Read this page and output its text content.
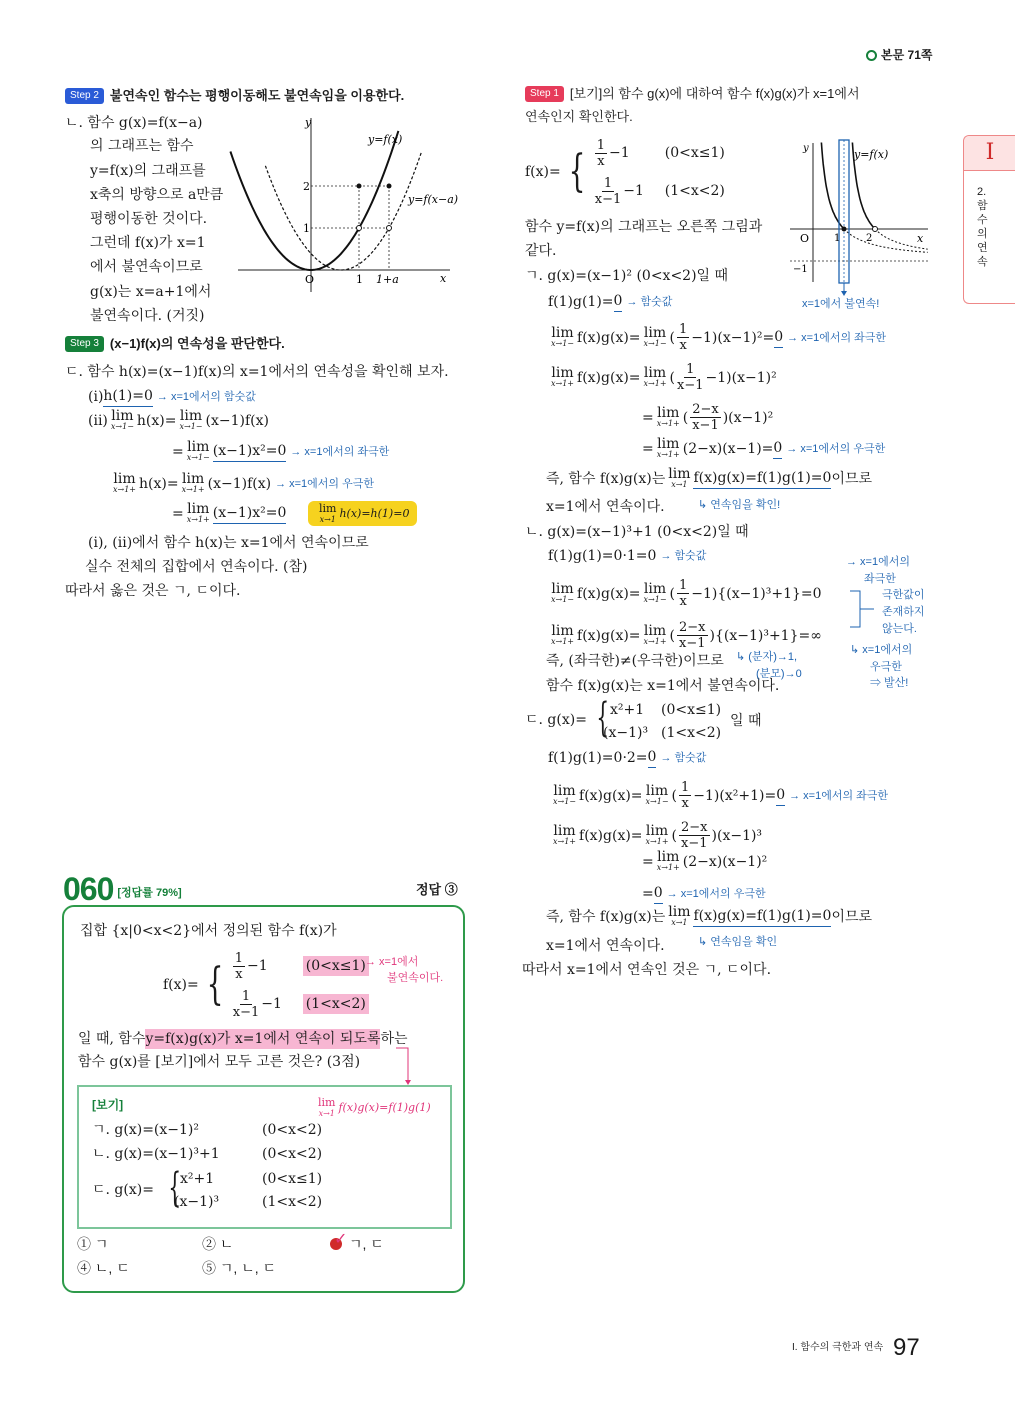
본문 71쪽
I
2. 함수의 연속
Step 2 불연속인 함수는 평행이동해도 불연속임을 이용한다.
ㄴ. 함수 g(x)=f(x−a)
의 그래프는 함수
y=f(x)의 그래프를
x축의 방향으로 a만큼
평행이동한 것이다.
그런데 f(x)가 x=1
에서 불연속이므로
g(x)는 x=a+1에서
불연속이다. (거짓)
y
x
O	1 1+a
1
2
y=f(x)
y=f(x−a)
Step 3 (x−1)f(x)의 연속성을 판단한다.
ㄷ. 함수 h(x)=(x−1)f(x)의 x=1에서의 연속성을 확인해 보자.
(i) h(1)=0 → x=1에서의 함숫값
(ii) lim
x→1− h(x)= lim
x→1− (x−1)f(x)
= lim
x→1− (x−1)x²=0 → x=1에서의 좌극한
lim
x→1+ h(x)= lim
x→1+ (x−1)f(x) → x=1에서의 우극한
= lim
x→1+ (x−1)x²=0	lim
x→1 h(x)=h(1)=0
(i), (ii)에서 함수 h(x)는 x=1에서 연속이므로
실수 전체의 집합에서 연속이다. (참)
따라서 옳은 것은 ㄱ, ㄷ이다.
060 [정답률 79%]	정답 ③
집합 {x|0<x<2}에서 정의된 함수 f(x)가
f(x)= { $\frac{1}{x} -1$	(0<x≤1)
$\frac{1}{x-1} -1$ (1<x<2)
→ x=1에서
불연속이다.
일 때, 함수 y=f(x)g(x)가 x=1에서 연속이 되도록 하는
함수 g(x)를 [보기]에서 모두 고른 것은? (3점)
[보기]	lim
x→1 f(x)g(x)=f(1)g(1)
ㄱ. g(x)=(x−1)²	(0<x<2)
ㄴ. g(x)=(x−1)³+1	(0<x<2)
ㄷ. g(x)= {
x²+1	(0<x≤1)
(x−1)³	(1<x<2)
① ㄱ	② ㄴ	✓ ㄱ, ㄷ
④ ㄴ, ㄷ	⑤ ㄱ, ㄴ, ㄷ
Step 1 [보기]의 함수 g(x)에 대하여 함수 f(x)g(x)가 x=1에서
연속인지 확인한다.
f(x)= { $\frac{1}{x} -1$	(0<x≤1)
$\frac{1}{x-1} -1$ (1<x<2)
y
x
O 1	2
−1
y=f(x)
x=1에서 불연속!
함수 y=f(x)의 그래프는 오른쪽 그림과
같다.
ㄱ. g(x)=(x−1)² (0<x<2)일 때
f(1)g(1)= 0 → 함숫값
lim
x→1− f(x)g(x)= lim
x→1− ( $\frac{1}{x} -1)(x-1)^2= 0 \to x=1$에서의 좌극한
lim
x→1+ f(x)g(x)= lim
x→1+ ( $\frac{1}{x-1} -1)(x-1)^2$
= lim
x→1+ ( $\frac{2-x}{x-1} )(x-1)^2$
= lim
x→1+ (2−x)(x−1)= 0 → x=1에서의 우극한
즉, 함수 f(x)g(x)는 lim
x→1 f(x)g(x)=f(1)g(1)=0 이므로
↳ 연속임을 확인!
x=1에서 연속이다.
ㄴ. g(x)=(x−1)³+1 (0<x<2)일 때
f(1)g(1)=0·1=0 → 함숫값
lim
x→1− f(x)g(x)= lim
x→1− ( $\frac{1}{x} -1)\{(x-1)^3+1\}=0$
lim
x→1+ f(x)g(x)= lim
x→1+ ( $\frac{2-x}{x-1} )\{(x-1)^3+1\}=\infty$
즉, (좌극한)≠(우극한)이므로
함수 f(x)g(x)는 x=1에서 불연속이다.
ㄷ. g(x)= { x²+1 (0<x≤1)
(x−1)³ (1<x<2)
일 때
f(1)g(1)=0·2= 0 → 함숫값
lim
x→1− f(x)g(x)= lim
x→1− ( $\frac{1}{x} -1)(x^2+1)= 0 \to x=1$에서의 좌극한
lim
x→1+ f(x)g(x)= lim
x→1+ ( $\frac{2-x}{x-1} )(x-1)^3$
= lim
x→1+ (2−x)(x−1)²
= 0 → x=1에서의 우극한
즉, 함수 f(x)g(x)는 lim
x→1 f(x)g(x)=f(1)g(1)=0 이므로
↳ 연속임을 확인
x=1에서 연속이다.
따라서 x=1에서 연속인 것은 ㄱ, ㄷ이다.
→ x=1에서의
좌극한
극한값이
존재하지
않는다.
↳ x=1에서의
우극한
⇒ 발산!
↳ (분자)→1,
(분모)→0
I. 함수의 극한과 연속 97
